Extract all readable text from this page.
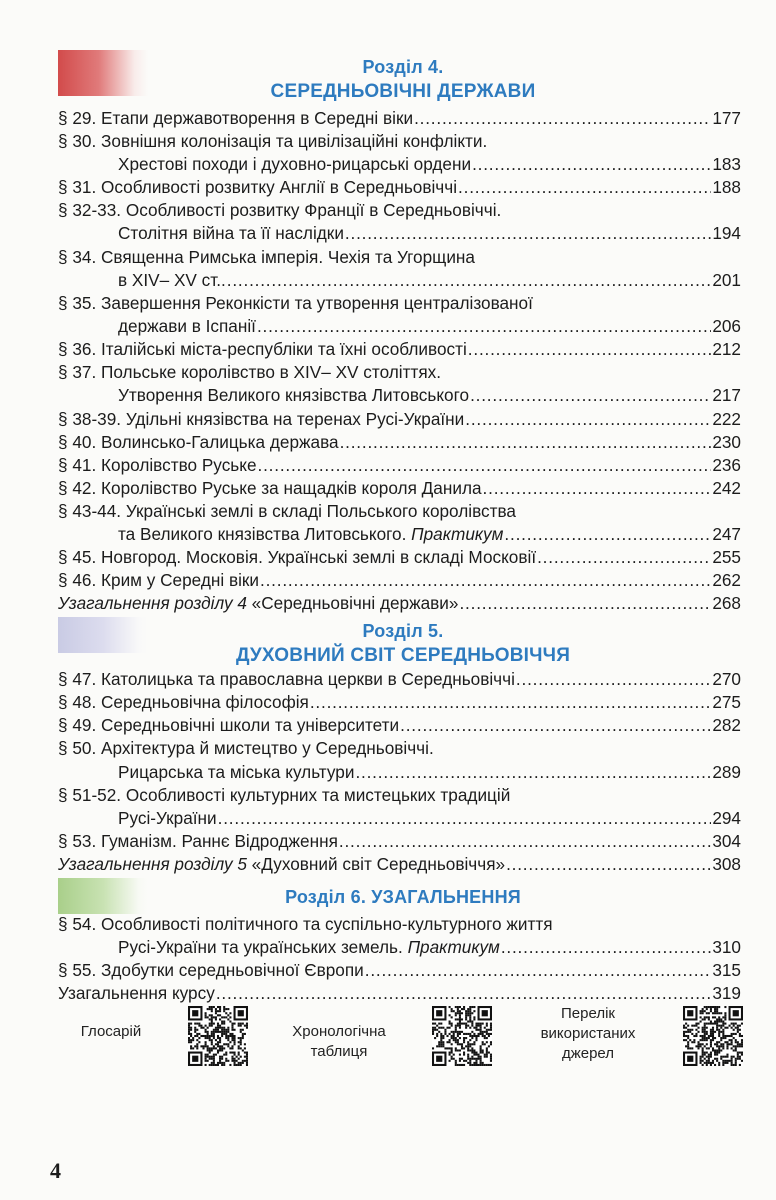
Розділ 4.
СЕРЕДНЬОВІЧНІ ДЕРЖАВИ
§ 29. Етапи державотворення в Середні віки .....	177
§ 30. Зовнішня колонізація та цивілізаційні конфлікти.
Хрестові походи і духовно-рицарські ордени .....	183
§ 31. Особливості розвитку Англії в Середньовіччі .....	188
§ 32-33. Особливості розвитку Франції в Середньовіччі.
Столітня війна та її наслідки .....	194
§ 34. Священна Римська імперія. Чехія та Угорщина
в XIV– XV ст.. .....	201
§ 35. Завершення Реконкісти та утворення централізованої
держави в Іспанії .....	206
§ 36. Італійські міста-республіки та їхні особливості .....	212
§ 37. Польське королівство в XIV– XV століттях.
Утворення Великого князівства Литовського .....	217
§ 38-39. Удільні князівства на теренах Русі-України .....	222
§ 40. Волинсько-Галицька держава .....	230
§ 41. Королівство Руське .....	236
§ 42. Королівство Руське за нащадків короля Данила .....	242
§ 43-44. Українські землі в складі Польського королівства
та Великого князівства Литовського.
Практикум .....	247
§ 45. Новгород. Московія. Українські землі в складі Московії .....	255
§ 46. Крим у Середні віки .....	262
Узагальнення розділу 4
«Середньовічні держави» .....	268
Розділ 5.
ДУХОВНИЙ СВІТ СЕРЕДНЬОВІЧЧЯ
§ 47. Католицька та православна церкви в Середньовіччі .....	270
§ 48. Середньовічна філософія .....	275
§ 49. Середньовічні школи та університети .....	282
§ 50. Архітектура й мистецтво у Середньовіччі.
Рицарська та міська культури .....	289
§ 51-52. Особливості культурних та мистецьких традицій
Русі-України .....	294
§ 53. Гуманізм. Раннє Відродження .....	304
Узагальнення розділу 5
«Духовний світ Середньовіччя» .....	308
Розділ 6. УЗАГАЛЬНЕННЯ
§ 54. Особливості політичного та суспільно-культурного життя
Русі-України та українських земель.
Практикум .....	310
§ 55. Здобутки середньовічної Європи .....	315
Узагальнення курсу .....	319
Глосарій	Хронологічна
таблиця
Перелік
використаних
джерел
4
